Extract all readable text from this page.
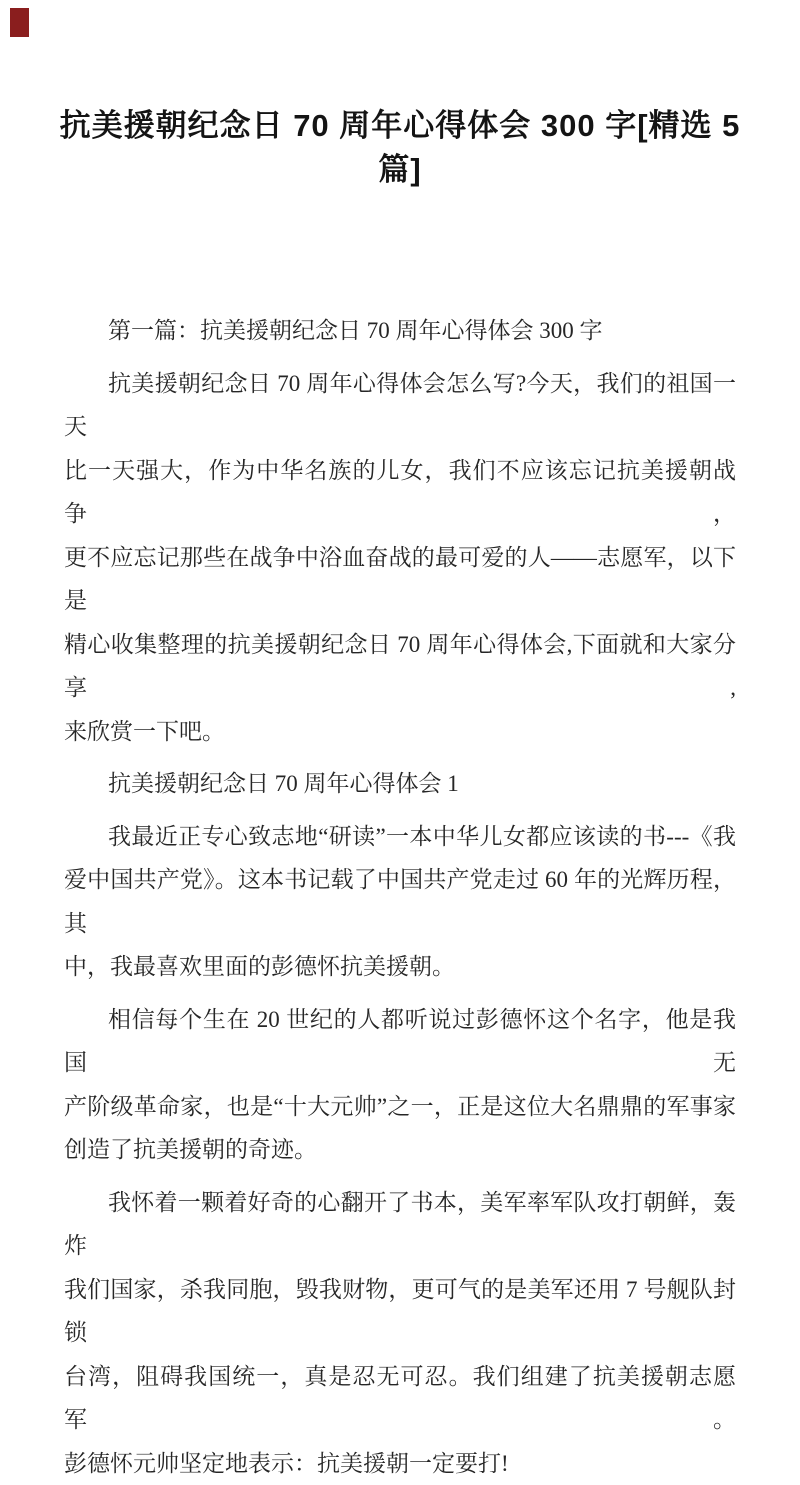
抗美援朝纪念日 70 周年心得体会 300 字[精选 5 篇]
第一篇：抗美援朝纪念日 70 周年心得体会 300 字
抗美援朝纪念日 70 周年心得体会怎么写?今天，我们的祖国一天
比一天强大，作为中华名族的儿女，我们不应该忘记抗美援朝战争，
更不应忘记那些在战争中浴血奋战的最可爱的人――志愿军，以下是
精心收集整理的抗美援朝纪念日 70 周年心得体会,下面就和大家分享,
来欣赏一下吧。
抗美援朝纪念日 70 周年心得体会 1
我最近正专心致志地“研读”一本中华儿女都应该读的书---《我
爱中国共产党》。这本书记载了中国共产党走过 60 年的光辉历程，其
中，我最喜欢里面的彭德怀抗美援朝。
相信每个生在 20 世纪的人都听说过彭德怀这个名字，他是我国无
产阶级革命家，也是“十大元帅”之一，正是这位大名鼎鼎的军事家
创造了抗美援朝的奇迹。
我怀着一颗着好奇的心翻开了书本，美军率军队攻打朝鲜，轰炸
我们国家，杀我同胞，毁我财物，更可气的是美军还用 7 号舰队封锁
台湾，阻碍我国统一，真是忍无可忍。我们组建了抗美援朝志愿军。
彭德怀元帅坚定地表示：抗美援朝一定要打!
